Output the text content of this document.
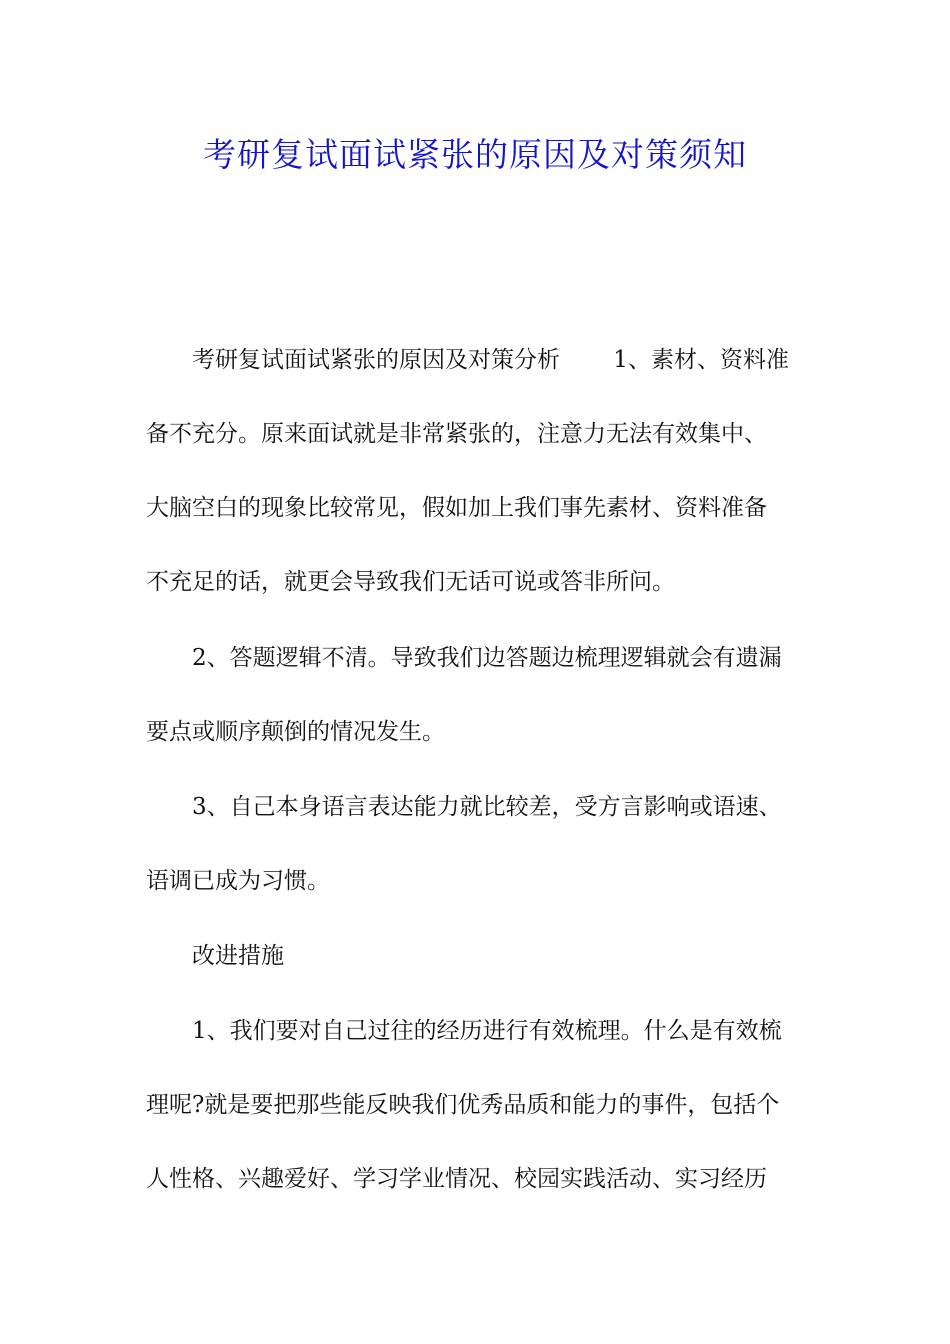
考研复试面试紧张的原因及对策须知
考研复试面试紧张的原因及对策分析　　 1、素材、资料准
备不充分。原来面试就是非常紧张的，注意力无法有效集中、
大脑空白的现象比较常见，假如加上我们事先素材、资料准备
不充足的话，就更会导致我们无话可说或答非所问。
2、答题逻辑不清。导致我们边答题边梳理逻辑就会有遗漏
要点或顺序颠倒的情况发生。
3、自己本身语言表达能力就比较差，受方言影响或语速、
语调已成为习惯。
改进措施
1、我们要对自己过往的经历进行有效梳理。什么是有效梳
理呢?就是要把那些能反映我们优秀品质和能力的事件，包括个
人性格、兴趣爱好、学习学业情况、校园实践活动、实习经历
